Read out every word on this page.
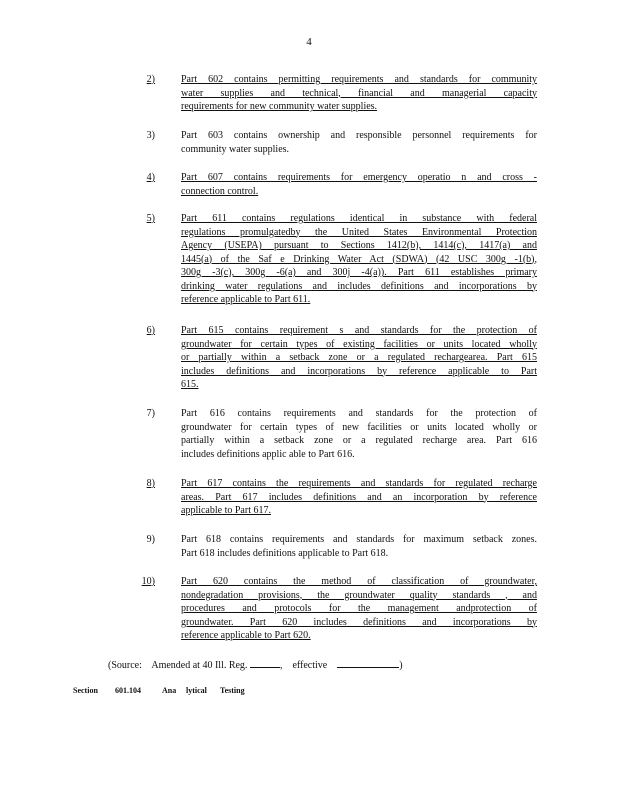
4
2)	Part 602 contains permitting requirements and standards for community
water supplies and technical, financial and managerial capacity
requirements for new community water supplies.
3)	Part 603 contains ownership and responsible personnel requirements for
community water supplies.
4)	Part 607 contains requirements for emergency operatio n and cross -
connection control.
5)	Part 611 contains regulations identical in substance with federal
regulations promulgatedby the United States Environmental Protection
Agency (USEPA) pursuant to Sections 1412(b), 1414(c), 1417(a) and
1445(a) of the Saf e Drinking Water Act (SDWA) (42 USC 300g -1(b),
300g -3(c), 300g -6(a) and 300j -4(a)). Part 611 establishes primary
drinking water regulations and includes definitions and incorporations by
reference applicable to Part 611.
6)	Part 615 contains requirement s and standards for the protection of
groundwater for certain types of existing facilities or units located wholly
or partially within a setback zone or a regulated rechargearea. Part 615
includes definitions and incorporations by reference applicable to Part
615.
7)	Part 616 contains requirements and standards for the protection of
groundwater for certain types of new facilities or units located wholly or
partially within a setback zone or a regulated recharge area. Part 616
includes definitions applic able to Part 616.
8)	Part 617 contains the requirements and standards for regulated recharge
areas. Part 617 includes definitions and an incorporation by reference
applicable to Part 617.
9)	Part 618 contains requirements and standards for maximum setback zones.
Part 618 includes definitions applicable to Part 618.
10)	Part 620 contains the method of classification of groundwater,
nondegradation provisions, the groundwater quality standards , and
procedures and protocols for the management andprotection of
groundwater. Part 620 includes definitions and incorporations by
reference applicable to Part 620.
(Source: Amended at 40 Ill. Reg.	,    effective	)
Section 601.104	Ana lytical Testing
